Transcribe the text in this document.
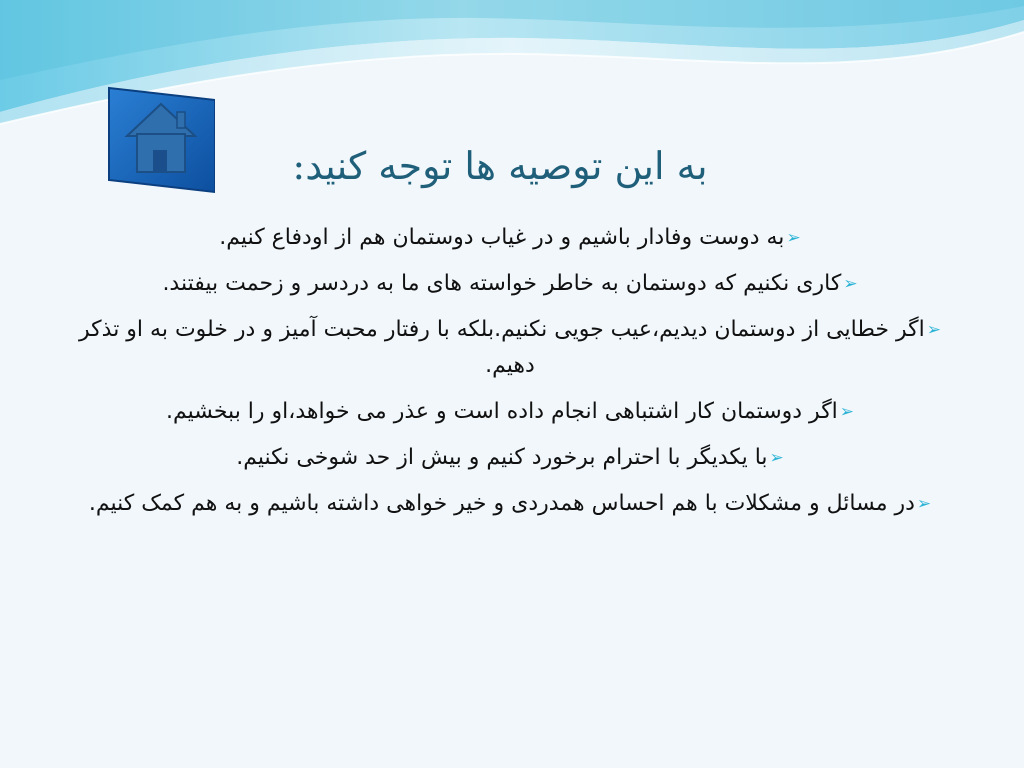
به این توصیه ها توجه کنید:
➢به دوست وفادار باشیم و در غیاب دوستمان هم از اودفاع کنیم.
➢کاری نکنیم که دوستمان به خاطر خواسته های ما به دردسر و زحمت بیفتند.
➢اگر خطایی از دوستمان دیدیم،عیب جویی نکنیم.بلکه با رفتار محبت آمیز و در خلوت به او تذکر دهیم.
➢اگر دوستمان کار اشتباهی انجام داده است و عذر می خواهد،او را ببخشیم.
➢با یکدیگر با احترام برخورد کنیم و بیش از حد شوخی نکنیم.
➢در مسائل و مشکلات با هم احساس همدردی و خیر خواهی داشته باشیم و به هم کمک کنیم.
